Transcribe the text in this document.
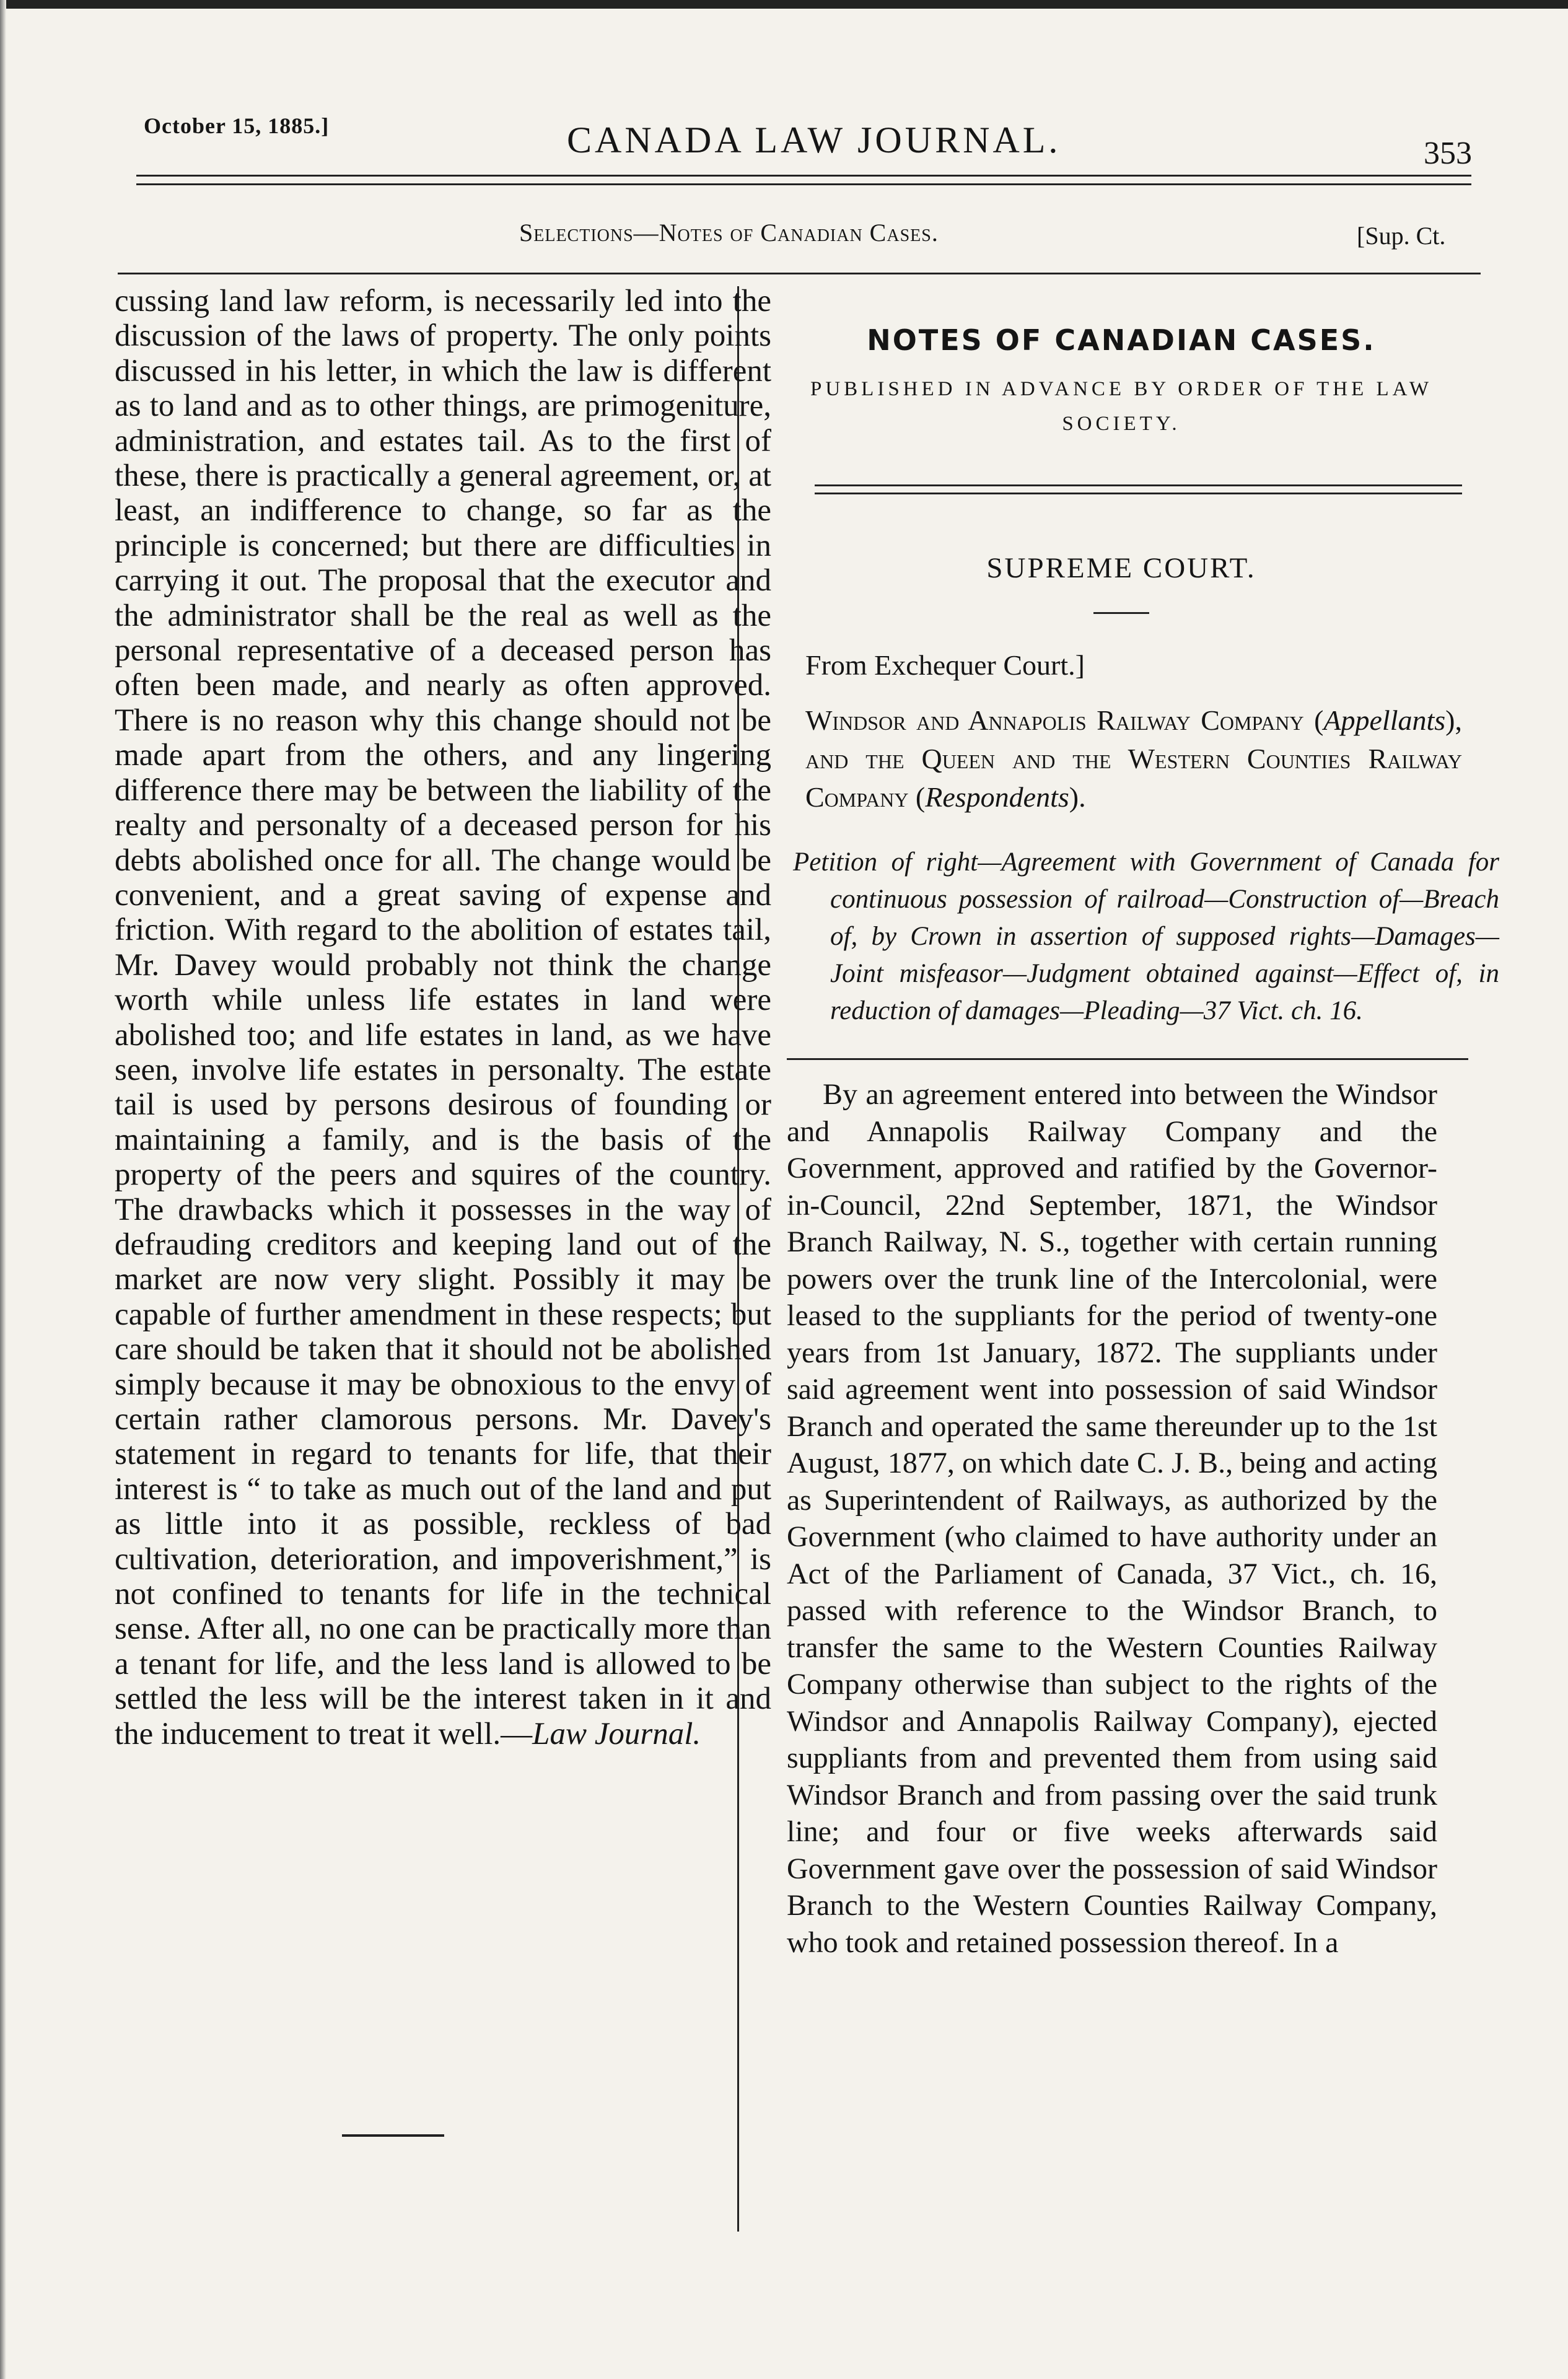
October 15, 1885.]	CANADA LAW JOURNAL.	353
Selections—Notes of Canadian Cases.	[Sup. Ct.

cussing land law reform, is necessarily led into the discussion of the laws of property. The only points discussed in his letter, in which the law is different as to land and as to other things, are primogeniture, administration, and estates tail. As to the first of these, there is practically a general agreement, or, at least, an indifference to change, so far as the principle is concerned; but there are difficulties in carrying it out. The proposal that the executor and the administrator shall be the real as well as the personal representative of a deceased person has often been made, and nearly as often approved. There is no reason why this change should not be made apart from the others, and any lingering difference there may be between the liability of the realty and personalty of a deceased person for his debts abolished once for all. The change would be convenient, and a great saving of expense and friction. With regard to the abolition of estates tail, Mr. Davey would probably not think the change worth while unless life estates in land were abolished too; and life estates in land, as we have seen, involve life estates in personalty. The estate tail is used by persons desirous of founding or maintaining a family, and is the basis of the property of the peers and squires of the country. The drawbacks which it possesses in the way of defrauding creditors and keeping land out of the market are now very slight. Possibly it may be capable of further amendment in these respects; but care should be taken that it should not be abolished simply because it may be obnoxious to the envy of certain rather clamorous persons. Mr. Davey's statement in regard to tenants for life, that their interest is “ to take as much out of the land and put as little into it as possible, reckless of bad cultivation, deterioration, and impoverishment,” is not confined to tenants for life in the technical sense. After all, no one can be practically more than a tenant for life, and the less land is allowed to be settled the less will be the interest taken in it and the inducement to treat it well.—Law Journal.

NOTES OF CANADIAN CASES.
PUBLISHED IN ADVANCE BY ORDER OF THE LAW SOCIETY.
SUPREME COURT.
From Exchequer Court.]
Windsor and Annapolis Railway Company (Appellants), and the Queen and the Western Counties Railway Company (Respondents).
Petition of right—Agreement with Government of Canada for continuous possession of railroad—Construction of—Breach of, by Crown in assertion of supposed rights—Damages—Joint misfeasor—Judgment obtained against—Effect of, in reduction of damages—Pleading—37 Vict. ch. 16.
By an agreement entered into between the Windsor and Annapolis Railway Company and the Government, approved and ratified by the Governor-in-Council, 22nd September, 1871, the Windsor Branch Railway, N. S., together with certain running powers over the trunk line of the Intercolonial, were leased to the suppliants for the period of twenty-one years from 1st January, 1872. The suppliants under said agreement went into possession of said Windsor Branch and operated the same thereunder up to the 1st August, 1877, on which date C. J. B., being and acting as Superintendent of Railways, as authorized by the Government (who claimed to have authority under an Act of the Parliament of Canada, 37 Vict., ch. 16, passed with reference to the Windsor Branch, to transfer the same to the Western Counties Railway Company otherwise than subject to the rights of the Windsor and Annapolis Railway Company), ejected suppliants from and prevented them from using said Windsor Branch and from passing over the said trunk line; and four or five weeks afterwards said Government gave over the possession of said Windsor Branch to the Western Counties Railway Company, who took and retained possession thereof. In a
